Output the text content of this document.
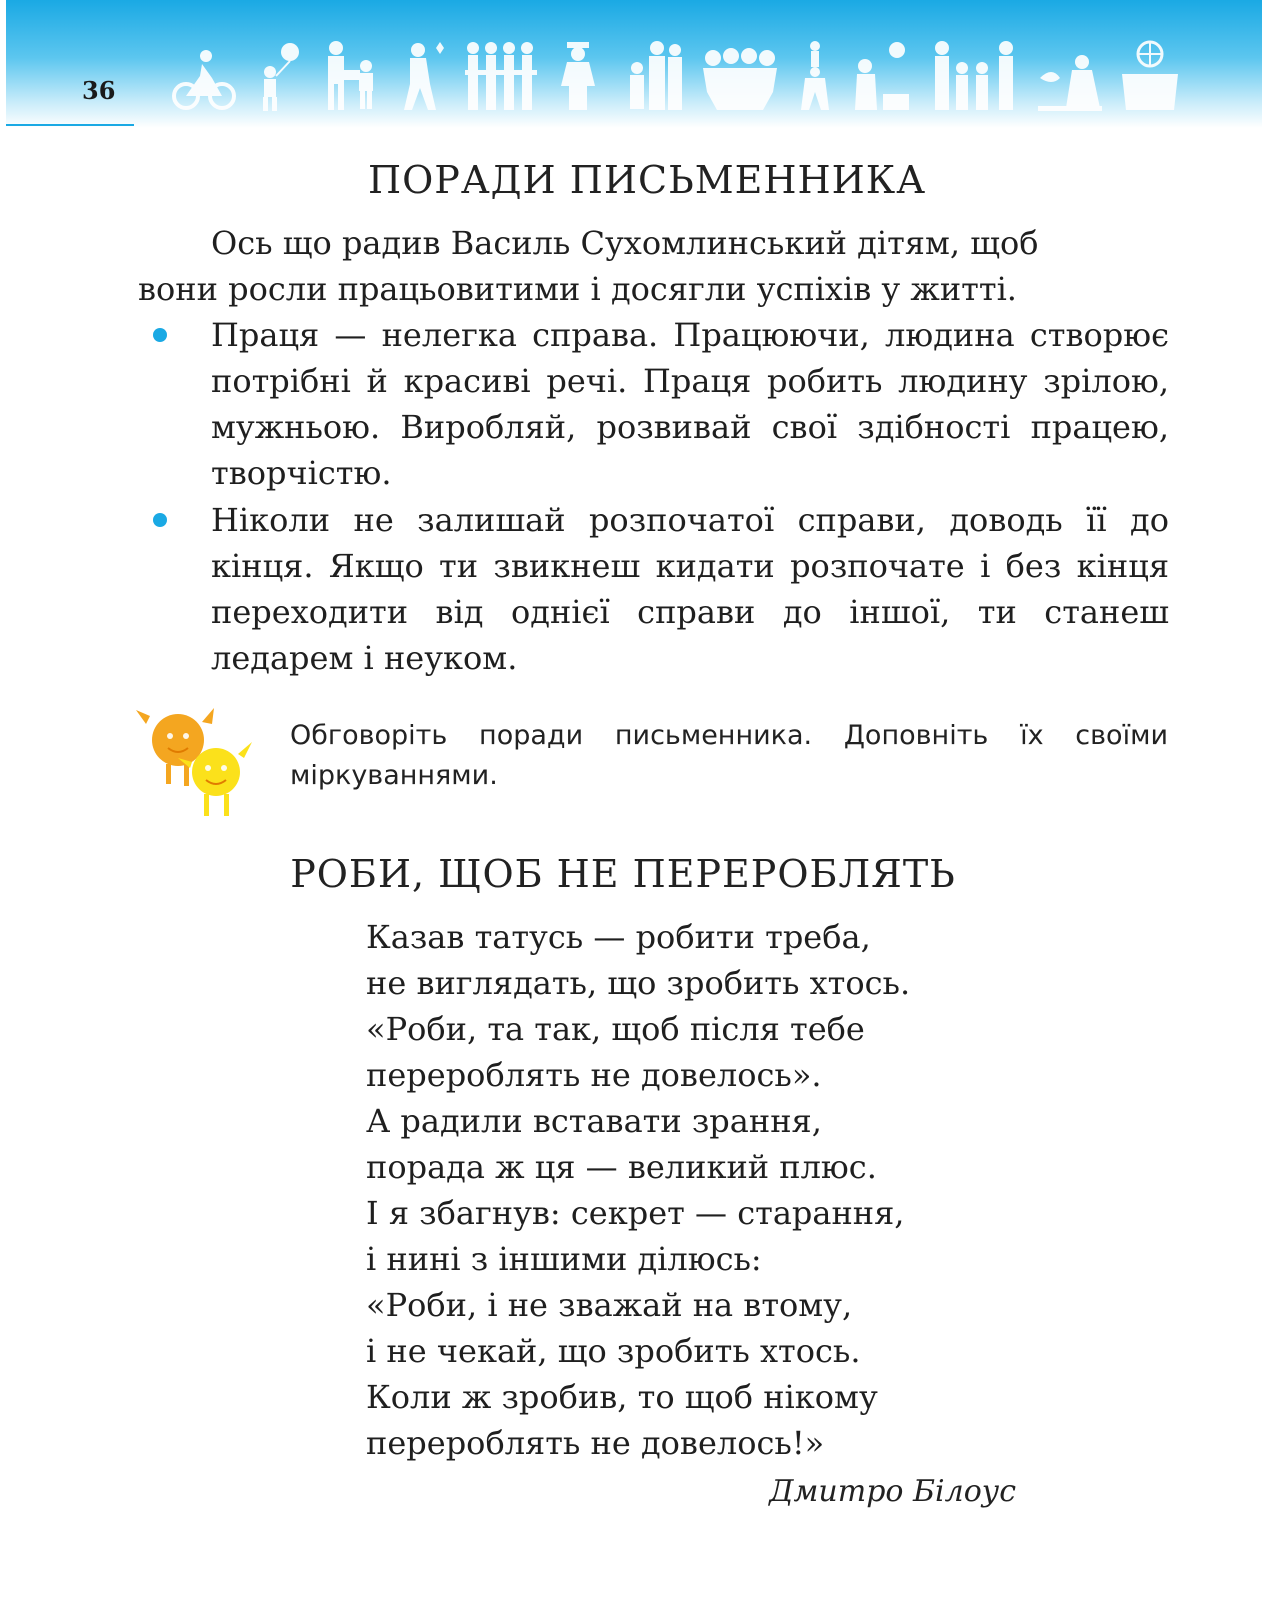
36
ПОРАДИ ПИСЬМЕННИКА
Ось що радив Василь Сухомлинський дітям, щоб
вони росли працьовитими і досягли успіхів у житті.
Праця — нелегка справа. Працюючи, людина створює потрібні й красиві речі. Праця робить людину зрілою, мужньою. Виробляй, розвивай свої здібності працею, творчістю.
Ніколи не залишай розпочатої справи, доводь її до кінця. Якщо ти звикнеш кидати розпочате і без кінця переходити від однієї справи до іншої, ти станеш ледарем і неуком.
Обговоріть поради письменника. Доповніть їх своїми міркуваннями.
РОБИ, ЩОБ НЕ ПЕРЕРОБЛЯТЬ
Казав татусь — робити треба,
не виглядать, що зробить хтось.
«Роби, та так, щоб після тебе
перероблять не довелось».
А радили вставати зрання,
порада ж ця — великий плюс.
І я збагнув: секрет — старання,
і нині з іншими ділюсь:
«Роби, і не зважай на втому,
і не чекай, що зробить хтось.
Коли ж зробив, то щоб нікому
перероблять не довелось!»
Дмитро Білоус
